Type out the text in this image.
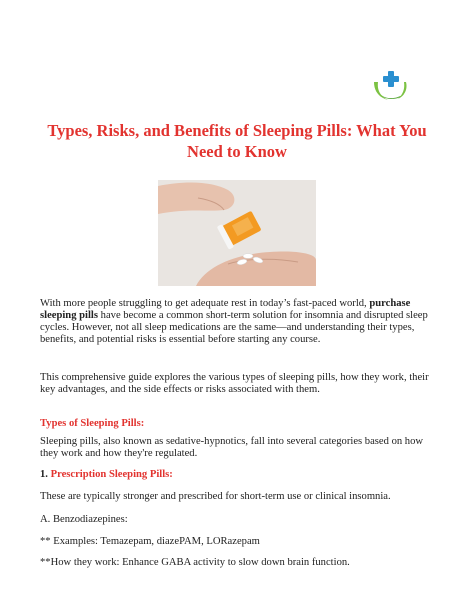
Types, Risks, and Benefits of Sleeping Pills: What You Need to Know

With more people struggling to get adequate rest in today’s fast-paced world, purchase sleeping pills have become a common short-term solution for insomnia and disrupted sleep cycles. However, not all sleep medications are the same—and understanding their types, benefits, and potential risks is essential before starting any course.

This comprehensive guide explores the various types of sleeping pills, how they work, their key advantages, and the side effects or risks associated with them.

Types of Sleeping Pills:

Sleeping pills, also known as sedative-hypnotics, fall into several categories based on how they work and how they're regulated.

1. Prescription Sleeping Pills:

These are typically stronger and prescribed for short-term use or clinical insomnia.

A. Benzodiazepines:

** Examples: Temazepam, diazePAM, LORazepam

**How they work: Enhance GABA activity to slow down brain function.
